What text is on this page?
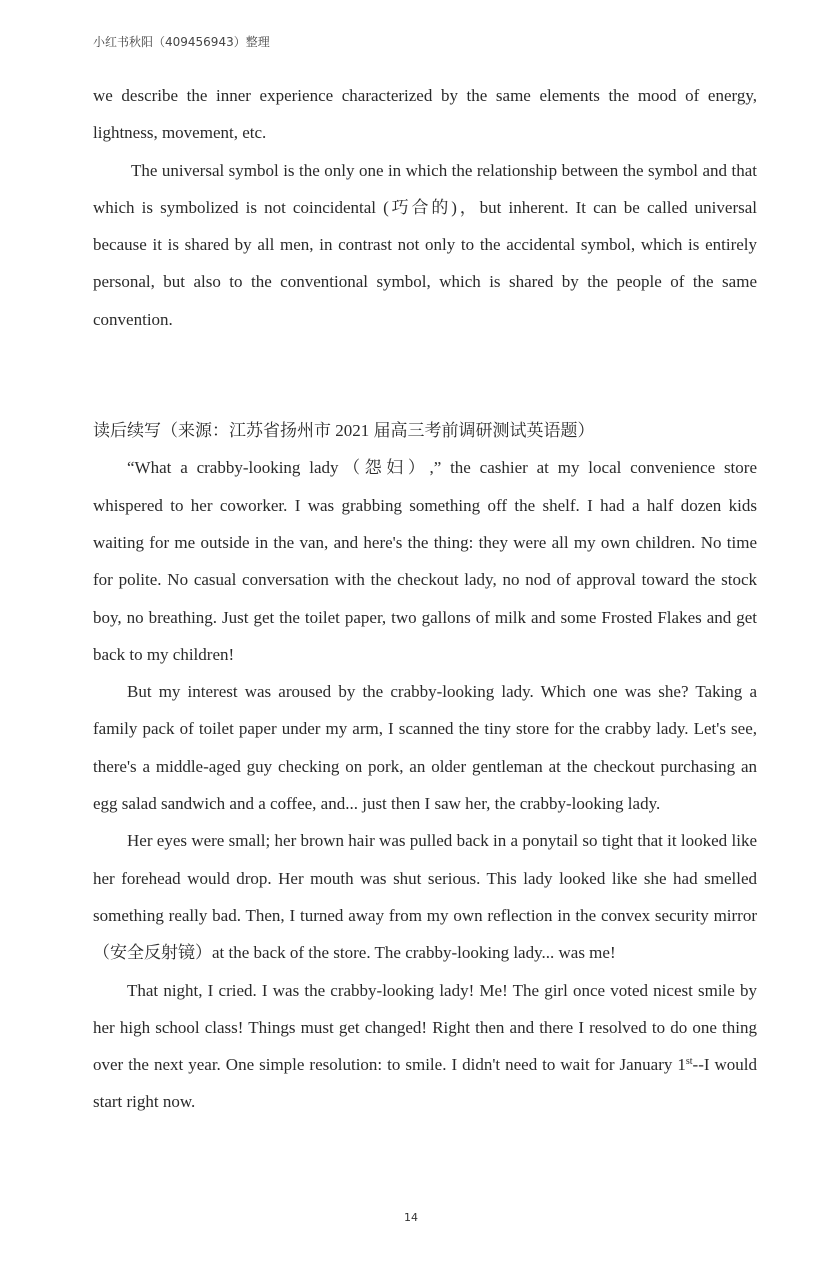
小红书秋阳（409456943）整理

we describe the inner experience characterized by the same elements the mood of energy, lightness, movement, etc.

The universal symbol is the only one in which the relationship between the symbol and that which is symbolized is not coincidental (巧合的)，but inherent. It can be called universal because it is shared by all men, in contrast not only to the accidental symbol, which is entirely personal, but also to the conventional symbol, which is shared by the people of the same convention.

读后续写（来源：江苏省扬州市 2021 届高三考前调研测试英语题）

“What a crabby-looking lady（怨妇）,” the cashier at my local convenience store whispered to her coworker. I was grabbing something off the shelf. I had a half dozen kids waiting for me outside in the van, and here's the thing: they were all my own children. No time for polite. No casual conversation with the checkout lady, no nod of approval toward the stock boy, no breathing. Just get the toilet paper, two gallons of milk and some Frosted Flakes and get back to my children!

But my interest was aroused by the crabby-looking lady. Which one was she? Taking a family pack of toilet paper under my arm, I scanned the tiny store for the crabby lady. Let's see, there's a middle-aged guy checking on pork, an older gentleman at the checkout purchasing an egg salad sandwich and a coffee, and... just then I saw her, the crabby-looking lady.

Her eyes were small; her brown hair was pulled back in a ponytail so tight that it looked like her forehead would drop. Her mouth was shut serious. This lady looked like she had smelled something really bad. Then, I turned away from my own reflection in the convex security mirror（安全反射镜）at the back of the store. The crabby-looking lady... was me!

That night, I cried. I was the crabby-looking lady! Me! The girl once voted nicest smile by her high school class! Things must get changed! Right then and there I resolved to do one thing over the next year. One simple resolution: to smile. I didn't need to wait for January 1st--I would start right now.

14
